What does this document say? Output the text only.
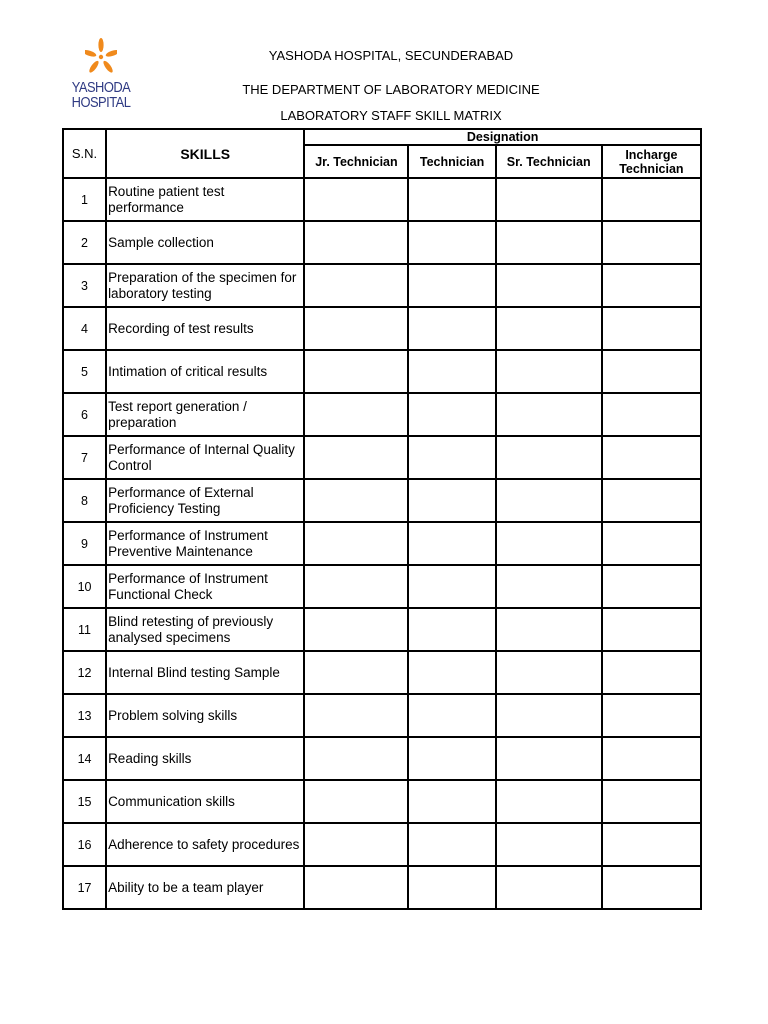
YASHODA
HOSPITAL
YASHODA HOSPITAL, SECUNDERABAD
THE DEPARTMENT OF LABORATORY MEDICINE
LABORATORY STAFF SKILL MATRIX
S.N.	SKILLS	Designation			
		Jr. Technician	Technician	Sr. Technician	Incharge Technician
1	Routine patient test performance				

2	Sample collection				

3	Preparation of the specimen for laboratory testing				

4	Recording of test results				

5	Intimation of critical results				

6	Test report generation / preparation				

7	Performance of Internal Quality Control				

8	Performance of External Proficiency Testing				

9	Performance of Instrument Preventive Maintenance				

10	Performance of Instrument Functional Check				

11	Blind retesting of previously analysed specimens				

12	Internal Blind testing Sample				

13	Problem solving skills				

14	Reading skills				

15	Communication skills				

16	Adherence to safety procedures				

17	Ability to be a team player				
